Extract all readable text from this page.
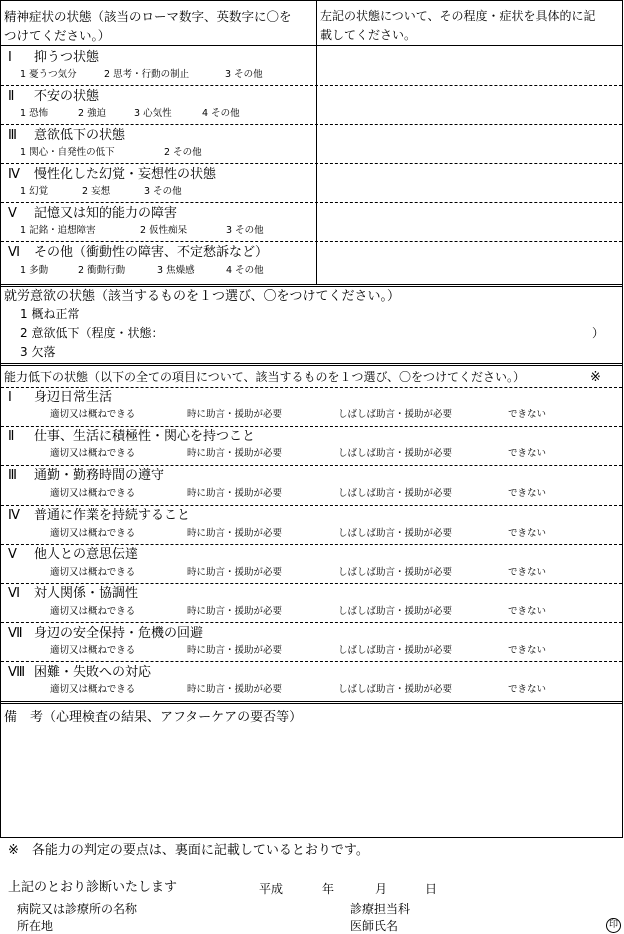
精神症状の状態（該当のローマ数字、英数字に〇を
つけてください。）
左記の状態について、その程度・症状を具体的に記
載してください。
Ⅰ 抑うつ状態
1 憂うつ気分	2 思考・行動の制止	3 その他
Ⅱ 不安の状態
1 恐怖	2 強迫	3 心気性	4 その他
Ⅲ 意欲低下の状態
1 関心・自発性の低下	2 その他
Ⅳ 慢性化した幻覚・妄想性の状態
1 幻覚	2 妄想	3 その他
Ⅴ 記憶又は知的能力の障害
1 記銘・追想障害	2 仮性痴呆	3 その他
Ⅵ その他（衝動性の障害、不定愁訴など）
1 多動	2 衝動行動	3 焦燥感	4 その他
就労意欲の状態（該当するものを１つ選び、〇をつけてください。）
1 概ね正常
2 意欲低下（程度・状態：	）
3 欠落
能力低下の状態（以下の全ての項目について、該当するものを１つ選び、〇をつけてください。）	※
Ⅰ 身辺日常生活
適切又は概ねできる	時に助言・援助が必要	しばしば助言・援助が必要	できない
Ⅱ 仕事、生活に積極性・関心を持つこと
適切又は概ねできる	時に助言・援助が必要	しばしば助言・援助が必要	できない
Ⅲ 通勤・勤務時間の遵守
適切又は概ねできる	時に助言・援助が必要	しばしば助言・援助が必要	できない
Ⅳ 普通に作業を持続すること
適切又は概ねできる	時に助言・援助が必要	しばしば助言・援助が必要	できない
Ⅴ 他人との意思伝達
適切又は概ねできる	時に助言・援助が必要	しばしば助言・援助が必要	できない
Ⅵ 対人関係・協調性
適切又は概ねできる	時に助言・援助が必要	しばしば助言・援助が必要	できない
Ⅶ 身辺の安全保持・危機の回避
適切又は概ねできる	時に助言・援助が必要	しばしば助言・援助が必要	できない
Ⅷ 困難・失敗への対応
適切又は概ねできる	時に助言・援助が必要	しばしば助言・援助が必要	できない
備　考（心理検査の結果、アフターケアの要否等）
※　各能力の判定の要点は、裏面に記載しているとおりです。
上記のとおり診断いたします	平成	年	月	日
病院又は診療所の名称	診療担当科
所在地	医師氏名	印
